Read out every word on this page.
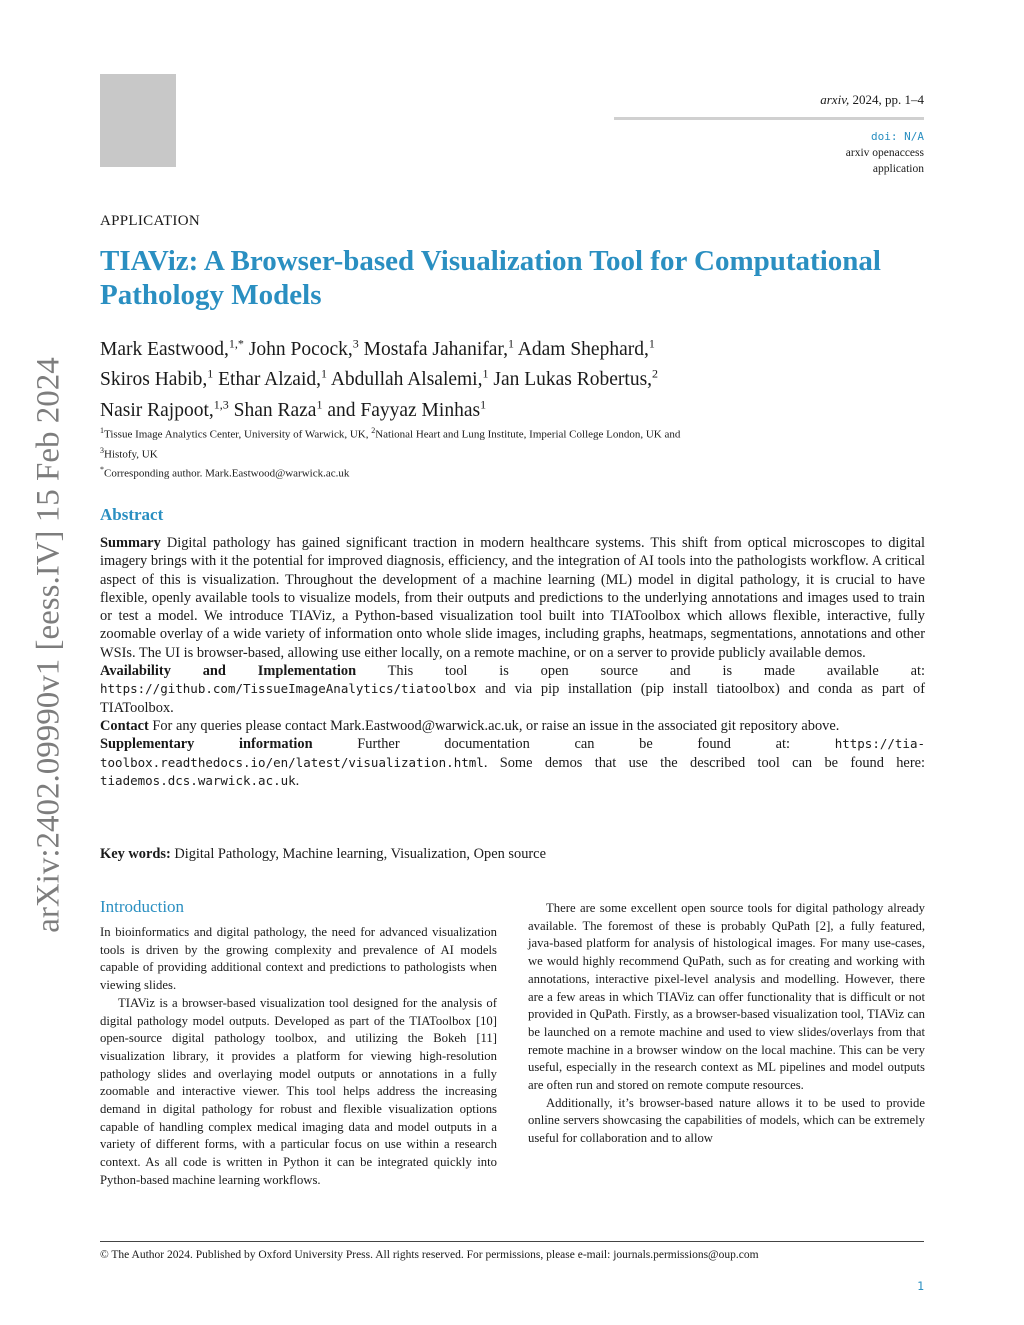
arxiv, 2024, pp. 1–4
doi: N/A
arxiv openaccess
application
arXiv:2402.09990v1 [eess.IV] 15 Feb 2024
APPLICATION
TIAViz: A Browser-based Visualization Tool for Computational Pathology Models
Mark Eastwood,$^{1,*}$ John Pocock,$^3$ Mostafa Jahanifar,$^1$ Adam Shephard,$^1$
Skiros Habib,$^1$ Ethar Alzaid,$^1$ Abdullah Alsalemi,$^1$ Jan Lukas Robertus,$^2$
Nasir Rajpoot,$^{1,3}$ Shan Raza$^1$ and Fayyaz Minhas$^1$
$^1$Tissue Image Analytics Center, University of Warwick, UK, $^2$National Heart and Lung Institute, Imperial College London, UK and
$^3$Histofy, UK
*Corresponding author. Mark.Eastwood@warwick.ac.uk
Abstract

Summary Digital pathology has gained significant traction in modern healthcare systems. This shift from optical microscopes to digital imagery brings with it the potential for improved diagnosis, efficiency, and the integration of AI tools into the pathologists workflow. A critical aspect of this is visualization. Throughout the development of a machine learning (ML) model in digital pathology, it is crucial to have flexible, openly available tools to visualize models, from their outputs and predictions to the underlying annotations and images used to train or test a model. We introduce TIAViz, a Python-based visualization tool built into TIAToolbox which allows flexible, interactive, fully zoomable overlay of a wide variety of information onto whole slide images, including graphs, heatmaps, segmentations, annotations and other WSIs. The UI is browser-based, allowing use either locally, on a remote machine, or on a server to provide publicly available demos.

Availability and Implementation This tool is open source and is made available at: https://github.com/TissueImageAnalytics/tiatoolbox and via pip installation (pip install tiatoolbox) and conda as part of TIAToolbox.

Contact For any queries please contact Mark.Eastwood@warwick.ac.uk, or raise an issue in the associated git repository above.

Supplementary information Further documentation can be found at: https://tia-toolbox.readthedocs.io/en/latest/visualization.html. Some demos that use the described tool can be found here: tiademos.dcs.warwick.ac.uk.

Key words: Digital Pathology, Machine learning, Visualization, Open source
Introduction

In bioinformatics and digital pathology, the need for advanced visualization tools is driven by the growing complexity and prevalence of AI models capable of providing additional context and predictions to pathologists when viewing slides.

TIAViz is a browser-based visualization tool designed for the analysis of digital pathology model outputs. Developed as part of the TIAToolbox [10] open-source digital pathology toolbox, and utilizing the Bokeh [11] visualization library, it provides a platform for viewing high-resolution pathology slides and overlaying model outputs or annotations in a fully zoomable and interactive viewer. This tool helps address the increasing demand in digital pathology for robust and flexible visualization options capable of handling complex medical imaging data and model outputs in a variety of different forms, with a particular focus on use within a research context. As all code is written in Python it can be integrated quickly into Python-based machine learning workflows.

There are some excellent open source tools for digital pathology already available. The foremost of these is probably QuPath [2], a fully featured, java-based platform for analysis of histological images. For many use-cases, we would highly recommend QuPath, such as for creating and working with annotations, interactive pixel-level analysis and modelling. However, there are a few areas in which TIAViz can offer functionality that is difficult or not provided in QuPath. Firstly, as a browser-based visualization tool, TIAViz can be launched on a remote machine and used to view slides/overlays from that remote machine in a browser window on the local machine. This can be very useful, especially in the research context as ML pipelines and model outputs are often run and stored on remote compute resources.

Additionally, it’s browser-based nature allows it to be used to provide online servers showcasing the capabilities of models, which can be extremely useful for collaboration and to allow

© The Author 2024. Published by Oxford University Press. All rights reserved. For permissions, please e-mail: journals.permissions@oup.com
1
